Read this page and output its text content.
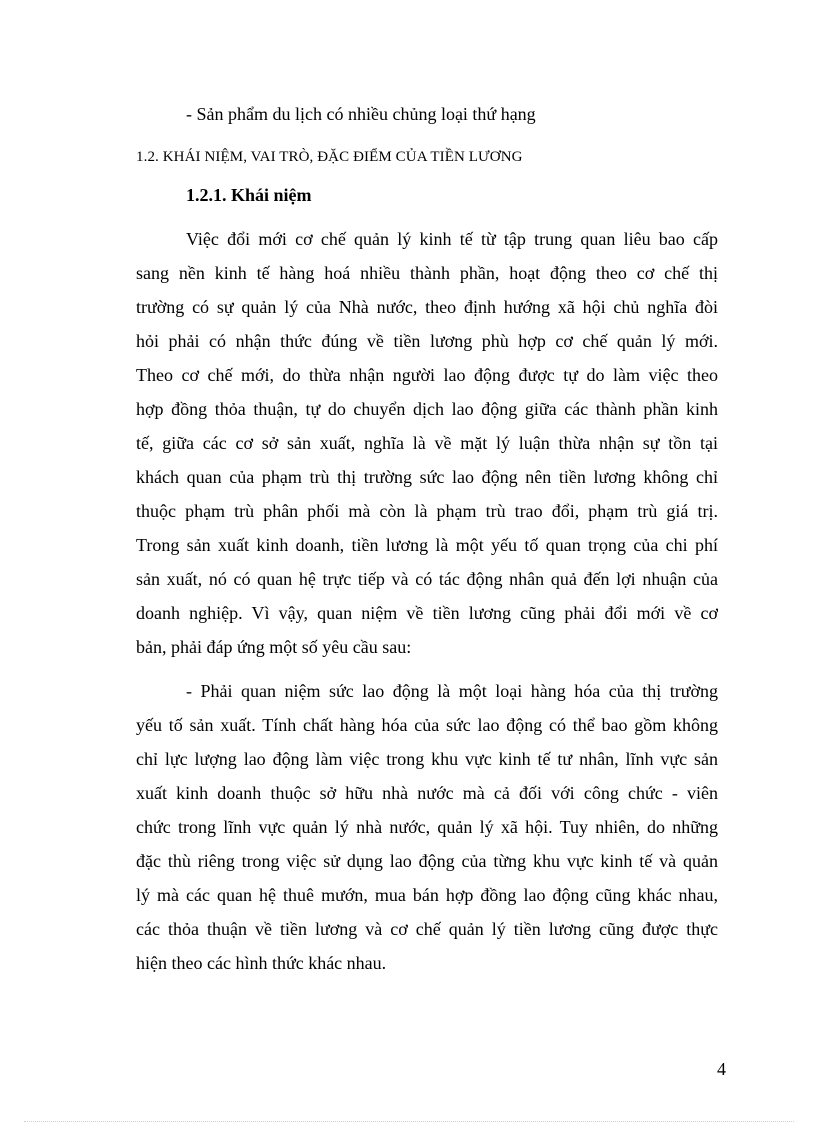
- Sản phẩm du lịch có nhiều chủng loại thứ hạng
1.2. KHÁI NIỆM, VAI TRÒ, ĐẶC ĐIỂM CỦA TIỀN LƯƠNG
1.2.1. Khái niệm
Việc đổi mới cơ chế quản lý kinh tế từ tập trung quan liêu bao cấp
sang nền kinh tế hàng hoá nhiều thành phần, hoạt động theo cơ chế thị
trường có sự quản lý của Nhà nước, theo định hướng xã hội chủ nghĩa đòi
hỏi phải có nhận thức đúng về tiền lương phù hợp cơ chế quản lý mới.
Theo cơ chế mới, do thừa nhận người lao động được tự do làm việc theo
hợp đồng thỏa thuận, tự do chuyển dịch lao động giữa các thành phần kinh
tế, giữa các cơ sở sản xuất, nghĩa là về mặt lý luận thừa nhận sự tồn tại
khách quan của phạm trù thị trường sức lao động nên tiền lương không chỉ
thuộc phạm trù phân phối mà còn là phạm trù trao đổi, phạm trù giá trị.
Trong sản xuất kinh doanh, tiền lương là một yếu tố quan trọng của chi phí
sản xuất, nó có quan hệ trực tiếp và có tác động nhân quả đến lợi nhuận của
doanh nghiệp. Vì vậy, quan niệm về tiền lương cũng phải đổi mới về cơ
bản, phải đáp ứng một số yêu cầu sau:
- Phải quan niệm sức lao động là một loại hàng hóa của thị trường
yếu tố sản xuất. Tính chất hàng hóa của sức lao động có thể bao gồm không
chỉ lực lượng lao động làm việc trong khu vực kinh tế tư nhân, lĩnh vực sản
xuất kinh doanh thuộc sở hữu nhà nước mà cả đối với công chức - viên
chức trong lĩnh vực quản lý nhà nước, quản lý xã hội. Tuy nhiên, do những
đặc thù riêng trong việc sử dụng lao động của từng khu vực kinh tế và quản
lý mà các quan hệ thuê mướn, mua bán hợp đồng lao động cũng khác nhau,
các thỏa thuận về tiền lương và cơ chế quản lý tiền lương cũng được thực
hiện theo các hình thức khác nhau.
4
